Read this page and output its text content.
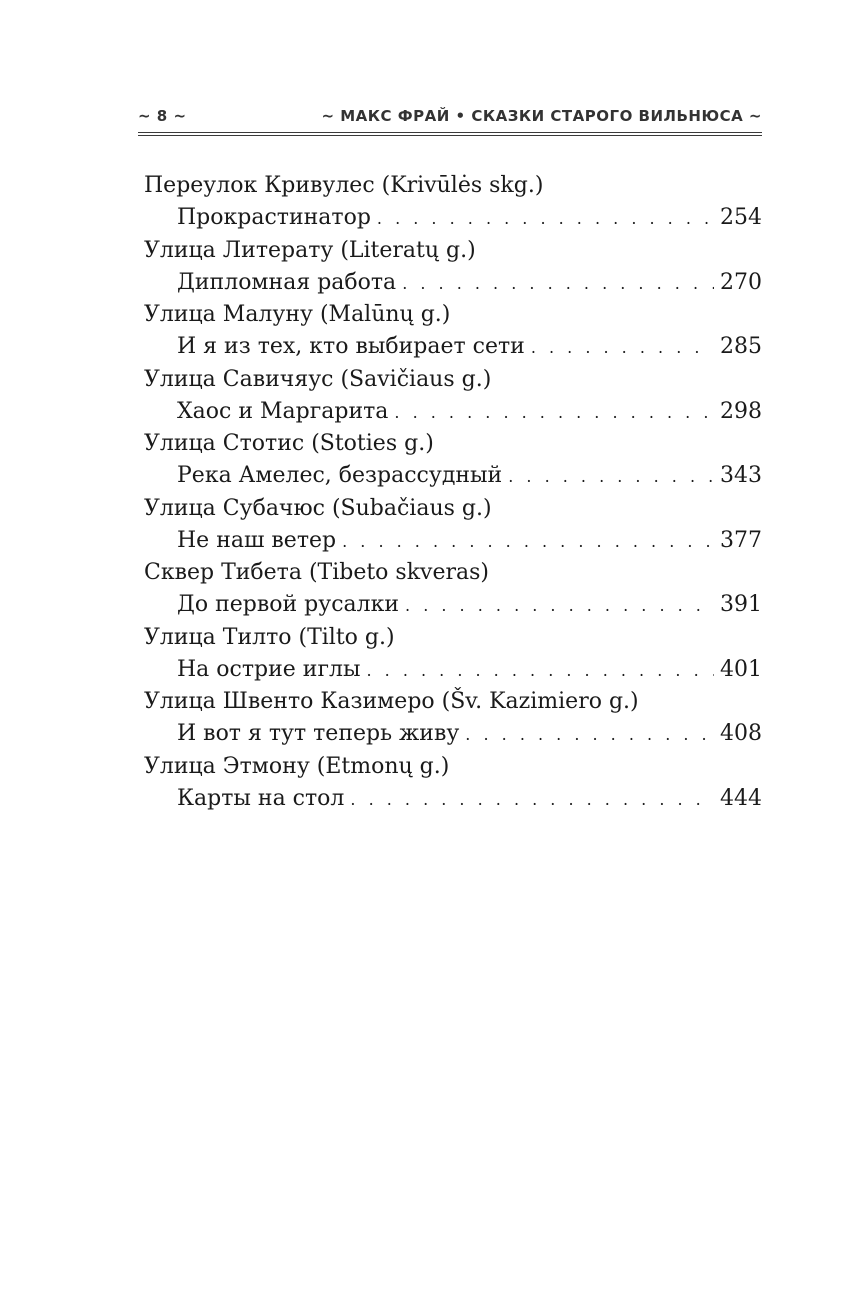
~ 8 ~	~ МАКС ФРАЙ • СКАЗКИ СТАРОГО ВИЛЬНЮСА ~
Переулок Кривулес (Krivūlės skg.)
Прокрастинатор . . .	254
Улица Литерату (Literatų g.)
Дипломная работа . . .	270
Улица Малуну (Malūnų g.)
И я из тех, кто выбирает сети . . .	285
Улица Савичяус (Savičiaus g.)
Хаос и Маргарита . . .	298
Улица Стотис (Stoties g.)
Река Амелес, безрассудный . . .	343
Улица Субачюс (Subačiaus g.)
Не наш ветер . . .	377
Сквер Тибета (Tibeto skveras)
До первой русалки . . .	391
Улица Тилто (Tilto g.)
На острие иглы . . .	401
Улица Швенто Казимеро (Šv. Kazimiero g.)
И вот я тут теперь живу . . .	408
Улица Этмону (Etmonų g.)
Карты на стол . . .	444
